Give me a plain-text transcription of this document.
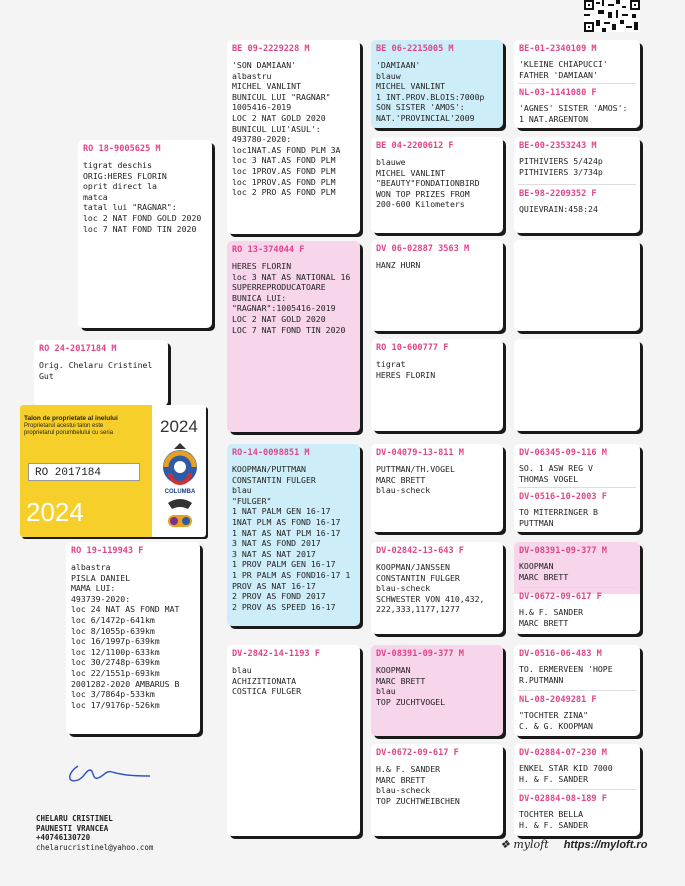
RO 18-9005625 M
tigrat deschis
ORIG:HERES FLORIN
oprit direct la
matca
tatal lui "RAGNAR":
loc 2 NAT FOND GOLD 2020
loc 7 NAT FOND TIN 2020
RO 24-2017184 M
Orig. Chelaru Cristinel
Gut
RO 19-119943 F
albastra
PISLA DANIEL
MAMA LUI:
493739-2020:
loc 24 NAT AS FOND MAT
loc 6/1472p-641km
loc 8/1055p-639km
loc 16/1997p-639km
loc 12/1100p-633km
loc 30/2748p-639km
loc 22/1551p-693km
2001282-2020 AMBARUS B
loc 3/7864p-533km
loc 17/9176p-526km
BE 09-2229228 M
'SON DAMIAAN'
albastru
MICHEL VANLINT
BUNICUL LUI "RAGNAR"
1005416-2019
LOC 2 NAT GOLD 2020
BUNICUL LUI'ASUL':
493780-2020:
loc1NAT.AS FOND PLM 3A
loc 3 NAT.AS FOND PLM
loc 1PROV.AS FOND PLM
loc 1PROV.AS FOND PLM
loc 2 PRO AS FOND PLM
RO 13-374044 F
HERES FLORIN
loc 3 NAT AS NATIONAL 16
SUPERREPRODUCATOARE
BUNICA LUI:
"RAGNAR":1005416-2019
LOC 2 NAT GOLD 2020
LOC 7 NAT FOND TIN 2020
RO-14-0098851 M
KOOPMAN/PUTTMAN
CONSTANTIN FULGER
blau
"FULGER"
1 NAT PALM GEN 16-17
1NAT PLM AS FOND 16-17
1 NAT AS NAT PLM 16-17
3 NAT AS FOND 2017
3 NAT AS NAT 2017
1 PROV PALM GEN 16-17
1 PR PALM AS FOND16-17 1
PROV AS NAT 16-17
2 PROV AS FOND 2017
2 PROV AS SPEED 16-17
DV-2842-14-1193 F
blau
ACHIZITIONATA
COSTICA FULGER
BE 06-2215005 M
'DAMIAAN'
blauw
MICHEL VANLINT
1 INT.PROV.BLOIS:7000p
SON SISTER 'AMOS':
NAT.'PROVINCIAL'2009
BE 04-2200612 F
blauwe
MICHEL VANLINT
"BEAUTY"FONDATIONBIRD
WON TOP PRIZES FROM
200-600 Kilometers
DV 06-02887 3563 M
HANZ HURN
RO 10-600777 F
tigrat
HERES FLORIN
DV-04079-13-811 M
PUTTMAN/TH.VOGEL
MARC BRETT
blau-scheck
DV-02842-13-643 F
KOOPMAN/JANSSEN
CONSTANTIN FULGER
blau-scheck
SCHWESTER VON 410,432,
222,333,1177,1277
DV-08391-09-377 M
KOOPMAN
MARC BRETT
blau
TOP ZUCHTVOGEL
DV-0672-09-617 F
H.& F. SANDER
MARC BRETT
blau-scheck
TOP ZUCHTWEIBCHEN
BE-01-2340109 M
'KLEINE CHIAPUCCI'
FATHER 'DAMIAAN'
NL-03-1141080 F
'AGNES' SISTER 'AMOS':
1 NAT.ARGENTON
BE-00-2353243 M
PITHIVIERS 5/424p
PITHIVIERS 3/734p
BE-98-2209352 F
QUIEVRAIN:458:24
DV-06345-09-116 M
SO. 1 ASW REG V
THOMAS VOGEL
DV-0516-10-2003 F
TO MITERRINGER B
PUTTMAN
DV-08391-09-377 M
KOOPMAN
MARC BRETT
DV-0672-09-617 F
H.& F. SANDER
MARC BRETT
DV-0516-06-483 M
TO. ERMERVEEN 'HOPE
R.PUTMANN
NL-08-2049281 F
"TOCHTER ZINA"
C. & G. KOOPMAN
DV-02884-07-230 M
ENKEL STAR KID 7000
H. & F. SANDER
DV-02884-08-189 F
TOCHTER BELLA
H. & F. SANDER
Talon de proprietate al inelului
Proprietarul acestui talon este
proprietarul porumbelului cu seria
RO 2017184
2024
2024
COLUMBA
CHELARU CRISTINEL
PAUNESTI VRANCEA
+40746130720
chelarucristinel@yahoo.com	❖ myloft https://myloft.ro
